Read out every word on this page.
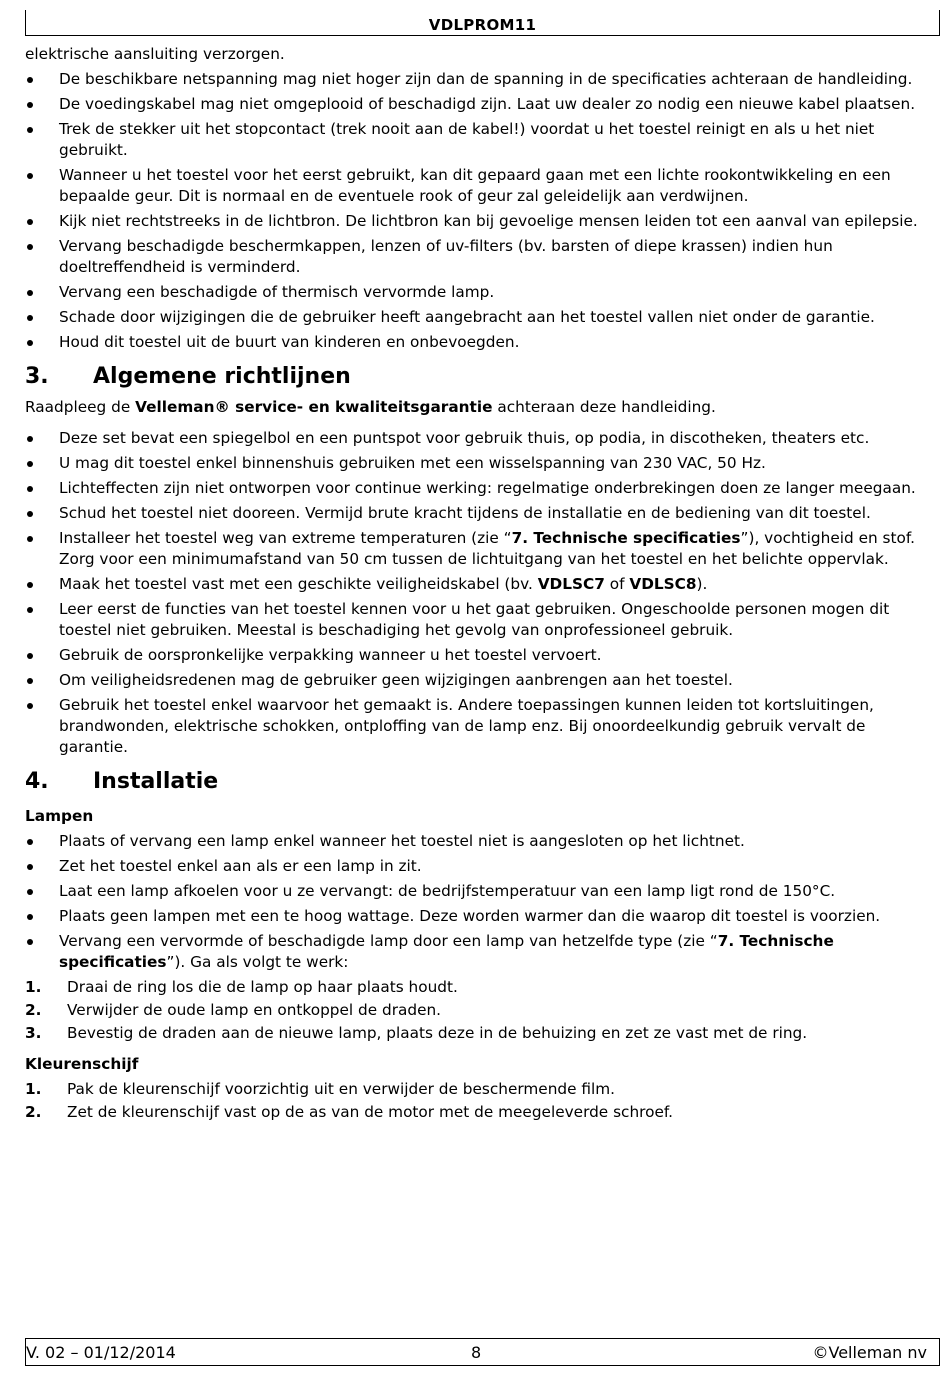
VDLPROM11

elektrische aansluiting verzorgen.

De beschikbare netspanning mag niet hoger zijn dan de spanning in de specificaties achteraan de handleiding.
De voedingskabel mag niet omgeplooid of beschadigd zijn. Laat uw dealer zo nodig een nieuwe kabel plaatsen.
Trek de stekker uit het stopcontact (trek nooit aan de kabel!) voordat u het toestel reinigt en als u het niet gebruikt.
Wanneer u het toestel voor het eerst gebruikt, kan dit gepaard gaan met een lichte rookontwikkeling en een bepaalde geur. Dit is normaal en de eventuele rook of geur zal geleidelijk aan verdwijnen.
Kijk niet rechtstreeks in de lichtbron. De lichtbron kan bij gevoelige mensen leiden tot een aanval van epilepsie.
Vervang beschadigde beschermkappen, lenzen of uv-filters (bv. barsten of diepe krassen) indien hun doeltreffendheid is verminderd.
Vervang een beschadigde of thermisch vervormde lamp.
Schade door wijzigingen die de gebruiker heeft aangebracht aan het toestel vallen niet onder de garantie.
Houd dit toestel uit de buurt van kinderen en onbevoegden.
3.	Algemene richtlijnen

Raadpleeg de Velleman® service- en kwaliteitsgarantie achteraan deze handleiding.

Deze set bevat een spiegelbol en een puntspot voor gebruik thuis, op podia, in discotheken, theaters etc.
U mag dit toestel enkel binnenshuis gebruiken met een wisselspanning van 230 VAC, 50 Hz.
Lichteffecten zijn niet ontworpen voor continue werking: regelmatige onderbrekingen doen ze langer meegaan.
Schud het toestel niet dooreen. Vermijd brute kracht tijdens de installatie en de bediening van dit toestel.
Installeer het toestel weg van extreme temperaturen (zie “7. Technische specificaties”), vochtigheid en stof. Zorg voor een minimumafstand van 50 cm tussen de lichtuitgang van het toestel en het belichte oppervlak.
Maak het toestel vast met een geschikte veiligheidskabel (bv. VDLSC7 of VDLSC8).
Leer eerst de functies van het toestel kennen voor u het gaat gebruiken. Ongeschoolde personen mogen dit toestel niet gebruiken. Meestal is beschadiging het gevolg van onprofessioneel gebruik.
Gebruik de oorspronkelijke verpakking wanneer u het toestel vervoert.
Om veiligheidsredenen mag de gebruiker geen wijzigingen aanbrengen aan het toestel.
Gebruik het toestel enkel waarvoor het gemaakt is. Andere toepassingen kunnen leiden tot kortsluitingen, brandwonden, elektrische schokken, ontploffing van de lamp enz. Bij onoordeelkundig gebruik vervalt de garantie.
4.	Installatie
Lampen
Plaats of vervang een lamp enkel wanneer het toestel niet is aangesloten op het lichtnet.
Zet het toestel enkel aan als er een lamp in zit.
Laat een lamp afkoelen voor u ze vervangt: de bedrijfstemperatuur van een lamp ligt rond de 150°C.
Plaats geen lampen met een te hoog wattage. Deze worden warmer dan die waarop dit toestel is voorzien.
Vervang een vervormde of beschadigde lamp door een lamp van hetzelfde type (zie “7. Technische specificaties”). Ga als volgt te werk:
1.	Draai de ring los die de lamp op haar plaats houdt.
2.	Verwijder de oude lamp en ontkoppel de draden.
3.	Bevestig de draden aan de nieuwe lamp, plaats deze in de behuizing en zet ze vast met de ring.
Kleurenschijf
1.	Pak de kleurenschijf voorzichtig uit en verwijder de beschermende film.
2.	Zet de kleurenschijf vast op de as van de motor met de meegeleverde schroef.
V. 02 – 01/12/2014	8	©Velleman nv
